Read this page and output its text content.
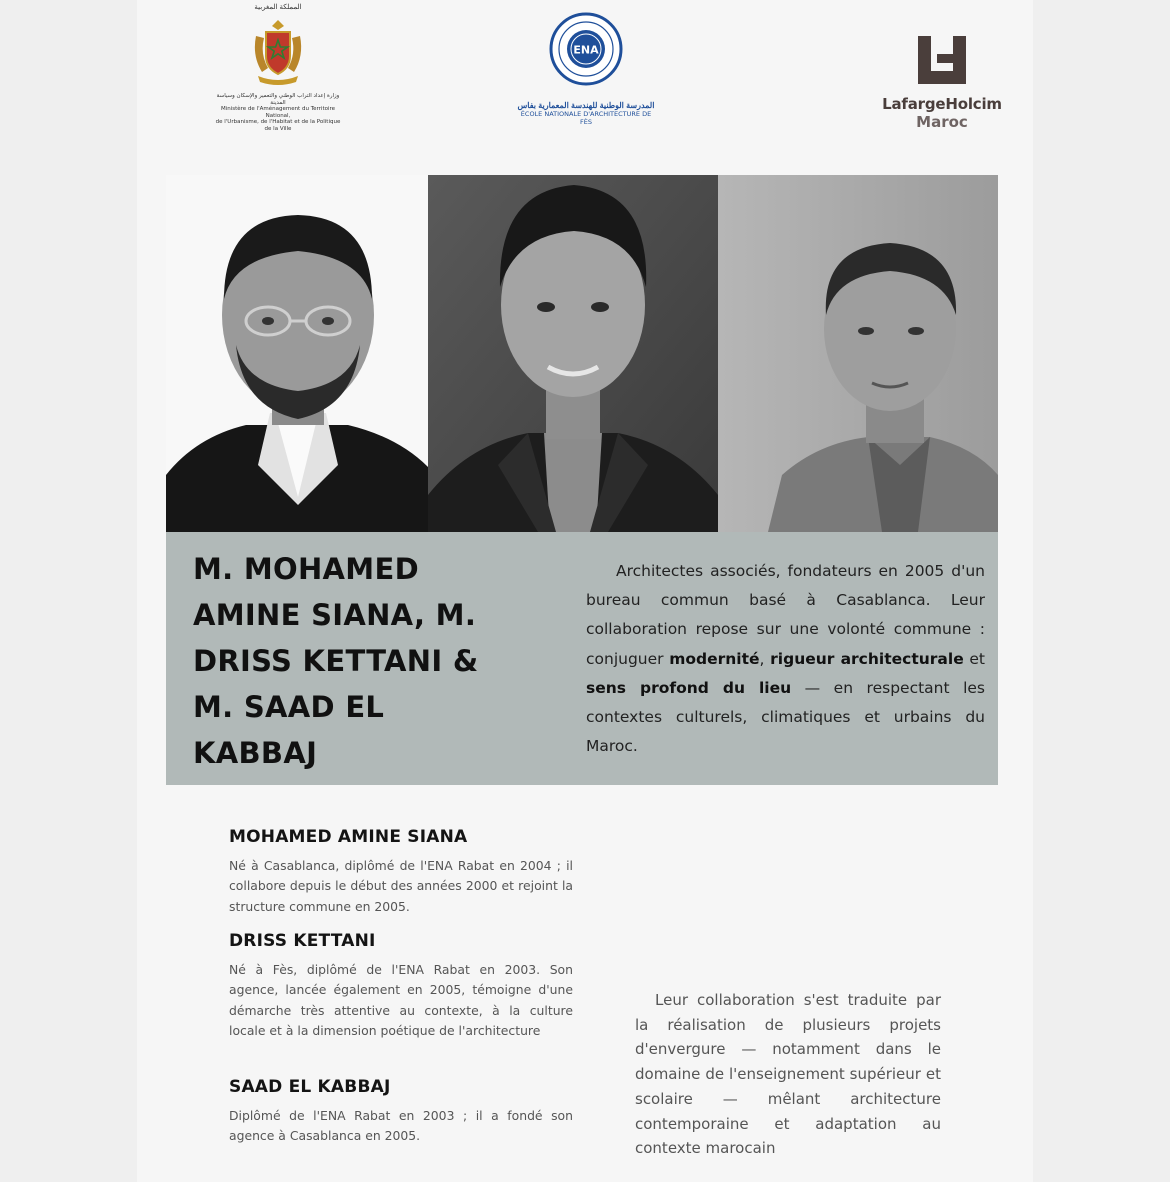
المملكة المغربية
وزارة إعداد التراب الوطني والتعمير والإسكان وسياسة المدينة
Ministère de l'Aménagement du Territoire National,
de l'Urbanisme, de l'Habitat et de la Politique de la Ville
ENA
المدرسة الوطنية للهندسة المعمارية بفاس
ÉCOLE NATIONALE D'ARCHITECTURE DE FÈS
LafargeHolcim
Maroc
M. MOHAMED
AMINE SIANA, M.
DRISS KETTANI &
M. SAAD EL
KABBAJ
Architectes associés, fondateurs en 2005 d'un bureau commun basé à Casablanca. Leur collaboration repose sur une volonté commune : conjuguer modernité, rigueur architecturale et sens profond du lieu — en respectant les contextes culturels, climatiques et urbains du Maroc.
MOHAMED AMINE SIANA
Né à Casablanca, diplômé de l'ENA Rabat en 2004 ; il collabore depuis le début des années 2000 et rejoint la structure commune en 2005.
DRISS KETTANI
Né à Fès, diplômé de l'ENA Rabat en 2003. Son agence, lancée également en 2005, témoigne d'une démarche très attentive au contexte, à la culture locale et à la dimension poétique de l'architecture
SAAD EL KABBAJ
Diplômé de l'ENA Rabat en 2003 ; il a fondé son agence à Casablanca en 2005.
Leur collaboration s'est traduite par la réalisation de plusieurs projets d'envergure — notamment dans le domaine de l'enseignement supérieur et scolaire — mêlant architecture contemporaine et adaptation au contexte marocain
